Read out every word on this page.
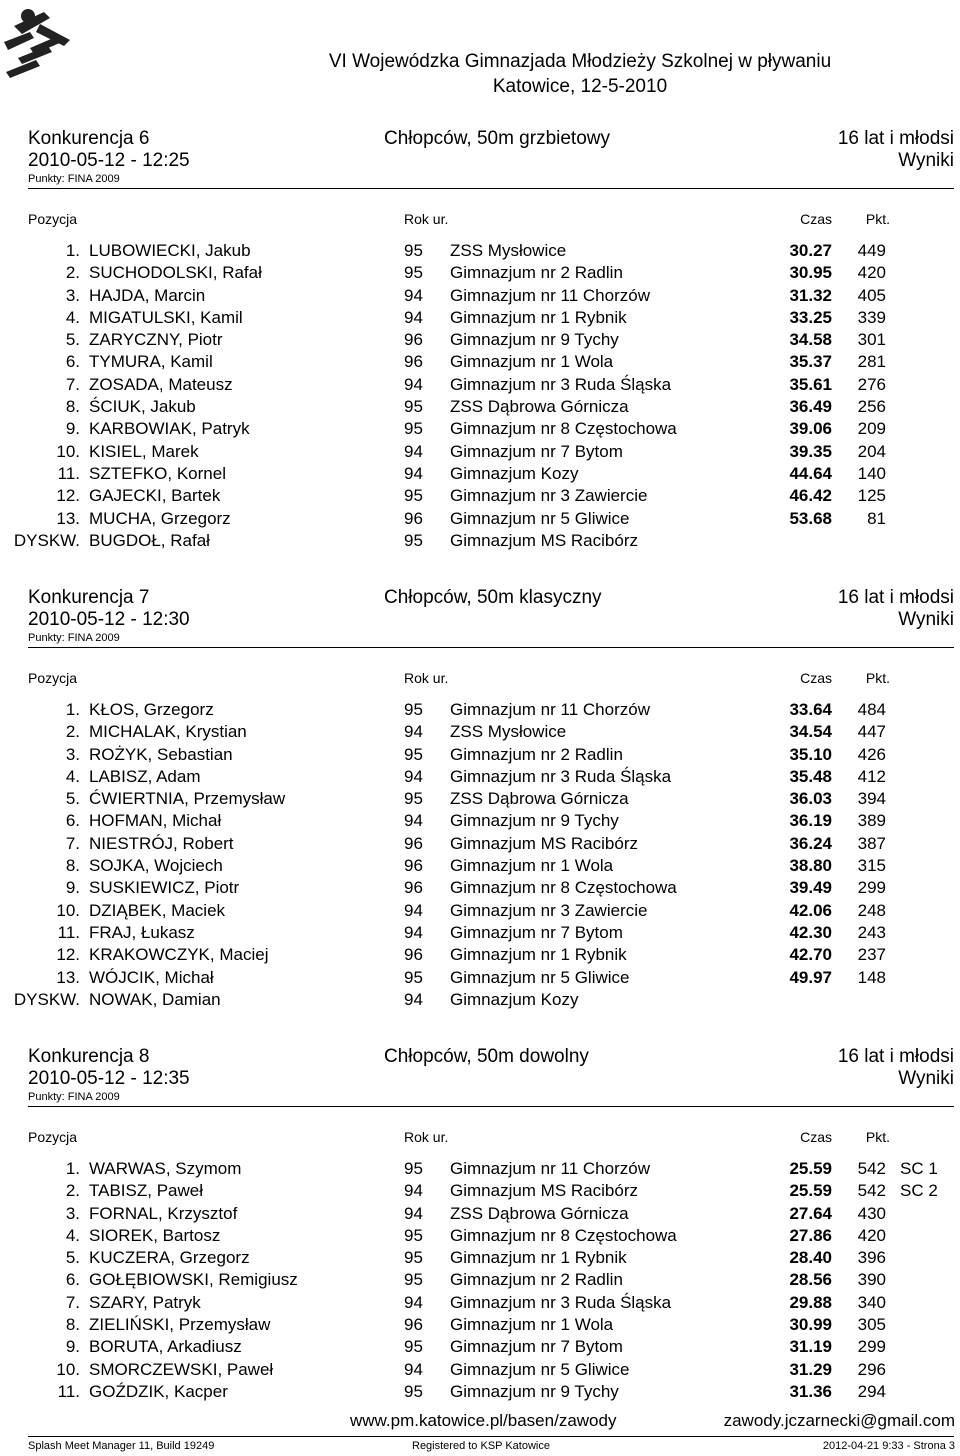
VI Wojewódzka Gimnazjada Młodzieży Szkolnej w pływaniu
Katowice, 12-5-2010
Konkurencja 6	Chłopców, 50m grzbietowy	16 lat i młodsi
2010-05-12 - 12:25	Wyniki
Punkty: FINA 2009
Pozycja	Rok ur.	Czas Pkt.
1. LUBOWIECKI, Jakub	95 ZSS Mysłowice	30.27 449
2. SUCHODOLSKI, Rafał	95 Gimnazjum nr 2 Radlin	30.95 420
3. HAJDA, Marcin	94 Gimnazjum nr 11 Chorzów	31.32 405
4. MIGATULSKI, Kamil	94 Gimnazjum nr 1 Rybnik	33.25 339
5. ZARYCZNY, Piotr	96 Gimnazjum nr 9 Tychy	34.58 301
6. TYMURA, Kamil	96 Gimnazjum nr 1 Wola	35.37 281
7. ZOSADA, Mateusz	94 Gimnazjum nr 3 Ruda Śląska	35.61 276
8. ŚCIUK, Jakub	95 ZSS Dąbrowa Górnicza	36.49 256
9. KARBOWIAK, Patryk	95 Gimnazjum nr 8 Częstochowa	39.06 209
10. KISIEL, Marek	94 Gimnazjum nr 7 Bytom	39.35 204
11. SZTEFKO, Kornel	94 Gimnazjum Kozy	44.64 140
12. GAJECKI, Bartek	95 Gimnazjum nr 3 Zawiercie	46.42 125
13. MUCHA, Grzegorz	96 Gimnazjum nr 5 Gliwice	53.68 81
DYSKW. BUGDOŁ, Rafał	95 Gimnazjum MS Racibórz
Konkurencja 7	Chłopców, 50m klasyczny	16 lat i młodsi
2010-05-12 - 12:30	Wyniki
Punkty: FINA 2009
Pozycja	Rok ur.	Czas Pkt.
1. KŁOS, Grzegorz	95 Gimnazjum nr 11 Chorzów	33.64 484
2. MICHALAK, Krystian	94 ZSS Mysłowice	34.54 447
3. ROŻYK, Sebastian	95 Gimnazjum nr 2 Radlin	35.10 426
4. LABISZ, Adam	94 Gimnazjum nr 3 Ruda Śląska	35.48 412
5. ĆWIERTNIA, Przemysław	95 ZSS Dąbrowa Górnicza	36.03 394
6. HOFMAN, Michał	94 Gimnazjum nr 9 Tychy	36.19 389
7. NIESTRÓJ, Robert	96 Gimnazjum MS Racibórz	36.24 387
8. SOJKA, Wojciech	96 Gimnazjum nr 1 Wola	38.80 315
9. SUSKIEWICZ, Piotr	96 Gimnazjum nr 8 Częstochowa	39.49 299
10. DZIĄBEK, Maciek	94 Gimnazjum nr 3 Zawiercie	42.06 248
11. FRAJ, Łukasz	94 Gimnazjum nr 7 Bytom	42.30 243
12. KRAKOWCZYK, Maciej	96 Gimnazjum nr 1 Rybnik	42.70 237
13. WÓJCIK, Michał	95 Gimnazjum nr 5 Gliwice	49.97 148
DYSKW. NOWAK, Damian	94 Gimnazjum Kozy
Konkurencja 8	Chłopców, 50m dowolny	16 lat i młodsi
2010-05-12 - 12:35	Wyniki
Punkty: FINA 2009
Pozycja	Rok ur.	Czas Pkt.
1. WARWAS, Szymom	95 Gimnazjum nr 11 Chorzów	25.59 542 SC 1
2. TABISZ, Paweł	94 Gimnazjum MS Racibórz	25.59 542 SC 2
3. FORNAL, Krzysztof	94 ZSS Dąbrowa Górnicza	27.64 430
4. SIOREK, Bartosz	95 Gimnazjum nr 8 Częstochowa	27.86 420
5. KUCZERA, Grzegorz	95 Gimnazjum nr 1 Rybnik	28.40 396
6. GOŁĘBIOWSKI, Remigiusz	95 Gimnazjum nr 2 Radlin	28.56 390
7. SZARY, Patryk	94 Gimnazjum nr 3 Ruda Śląska	29.88 340
8. ZIELIŃSKI, Przemysław	96 Gimnazjum nr 1 Wola	30.99 305
9. BORUTA, Arkadiusz	95 Gimnazjum nr 7 Bytom	31.19 299
10. SMORCZEWSKI, Paweł	94 Gimnazjum nr 5 Gliwice	31.29 296
11. GOŹDZIK, Kacper	95 Gimnazjum nr 9 Tychy	31.36 294
www.pm.katowice.pl/basen/zawody	zawody.jczarnecki@gmail.com
Splash Meet Manager 11, Build 19249	Registered to KSP Katowice	2012-04-21 9:33 - Strona 3
